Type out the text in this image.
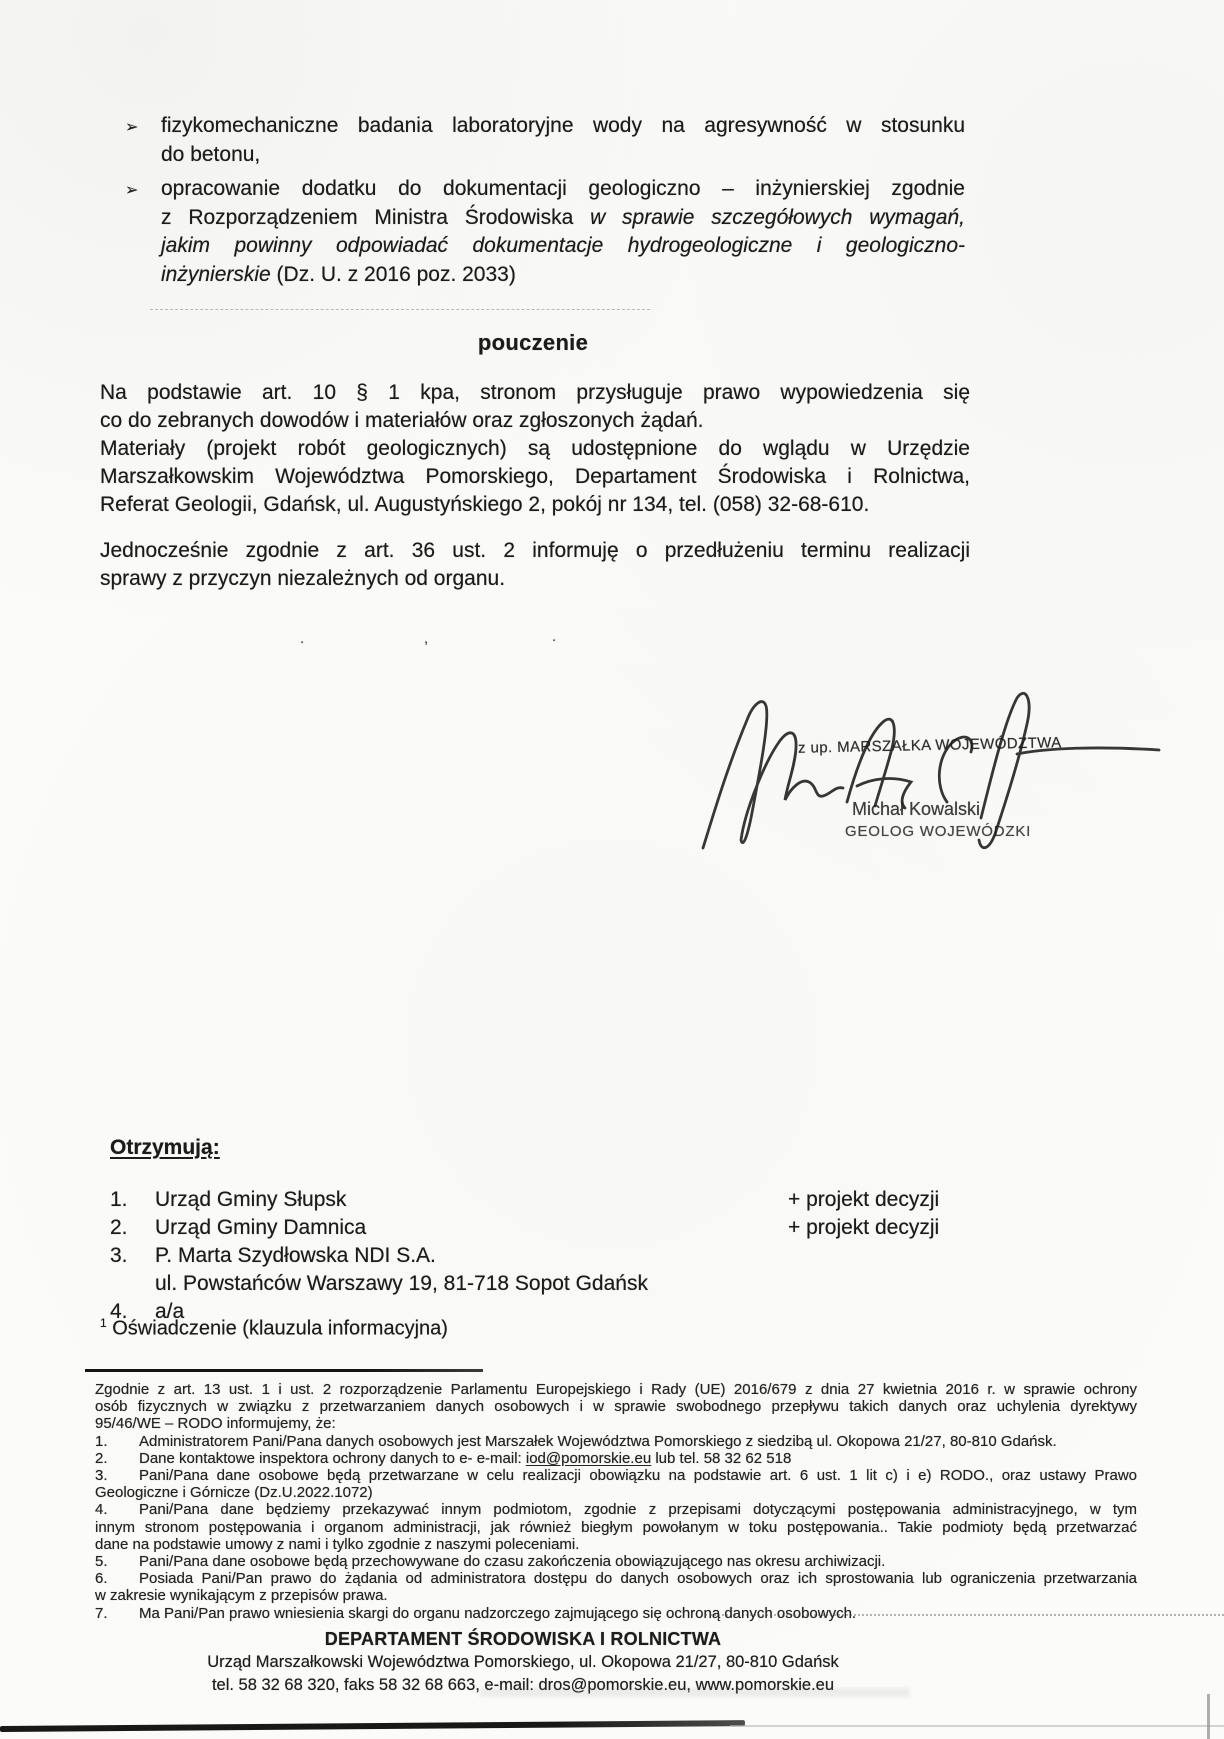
➢	fizykomechaniczne badania laboratoryjne wody na agresywność w stosunku
do betonu,
➢	opracowanie dodatku do dokumentacji geologiczno – inżynierskiej zgodnie
z Rozporządzeniem Ministra Środowiska w sprawie szczegółowych wymagań,
jakim powinny odpowiadać dokumentacje hydrogeologiczne i geologiczno-
inżynierskie (Dz. U. z 2016 poz. 2033)
pouczenie
Na podstawie art. 10 § 1 kpa, stronom przysługuje prawo wypowiedzenia się
co do zebranych dowodów i materiałów oraz zgłoszonych żądań.
Materiały (projekt robót geologicznych) są udostępnione do wglądu w Urzędzie
Marszałkowskim Województwa Pomorskiego, Departament Środowiska i Rolnictwa,
Referat Geologii, Gdańsk, ul. Augustyńskiego 2, pokój nr 134, tel. (058) 32-68-610.
Jednocześnie zgodnie z art. 36 ust. 2 informuję o przedłużeniu terminu realizacji
sprawy z przyczyn niezależnych od organu.
.	,	.
z up. MARSZAŁKA WOJEWÓDZTWA
Michał Kowalski
GEOLOG WOJEWÓDZKI
Otrzymują:
1. Urząd Gminy Słupsk	+ projekt decyzji
2. Urząd Gminy Damnica	+ projekt decyzji
3. P. Marta Szydłowska NDI S.A.
ul. Powstańców Warszawy 19, 81-718 Sopot Gdańsk
4. a/a
$^1$ Oświadczenie (klauzula informacyjna)
Zgodnie z art. 13 ust. 1 i ust. 2 rozporządzenie Parlamentu Europejskiego i Rady (UE) 2016/679 z dnia 27 kwietnia 2016 r. w sprawie ochrony
osób fizycznych w związku z przetwarzaniem danych osobowych i w sprawie swobodnego przepływu takich danych oraz uchylenia dyrektywy
95/46/WE – RODO informujemy, że:
1. Administratorem Pani/Pana danych osobowych jest Marszałek Województwa Pomorskiego z siedzibą ul. Okopowa 21/27, 80-810 Gdańsk.
2. Dane kontaktowe inspektora ochrony danych to e- e-mail: iod@pomorskie.eu lub tel. 58 32 62 518
3. Pani/Pana dane osobowe będą przetwarzane w celu realizacji obowiązku na podstawie art. 6 ust. 1 lit c) i e) RODO., oraz ustawy Prawo
Geologiczne i Górnicze (Dz.U.2022.1072)
4. Pani/Pana dane będziemy przekazywać innym podmiotom, zgodnie z przepisami dotyczącymi postępowania administracyjnego, w tym
innym stronom postępowania i organom administracji, jak również biegłym powołanym w toku postępowania.. Takie podmioty będą przetwarzać
dane na podstawie umowy z nami i tylko zgodnie z naszymi poleceniami.
5. Pani/Pana dane osobowe będą przechowywane do czasu zakończenia obowiązującego nas okresu archiwizacji.
6. Posiada Pani/Pan prawo do żądania od administratora dostępu do danych osobowych oraz ich sprostowania lub ograniczenia przetwarzania
w zakresie wynikającym z przepisów prawa.
7. Ma Pani/Pan prawo wniesienia skargi do organu nadzorczego zajmującego się ochroną danych osobowych.
DEPARTAMENT ŚRODOWISKA I ROLNICTWA
Urząd Marszałkowski Województwa Pomorskiego, ul. Okopowa 21/27, 80-810 Gdańsk
tel. 58 32 68 320, faks 58 32 68 663, e-mail: dros@pomorskie.eu, www.pomorskie.eu
